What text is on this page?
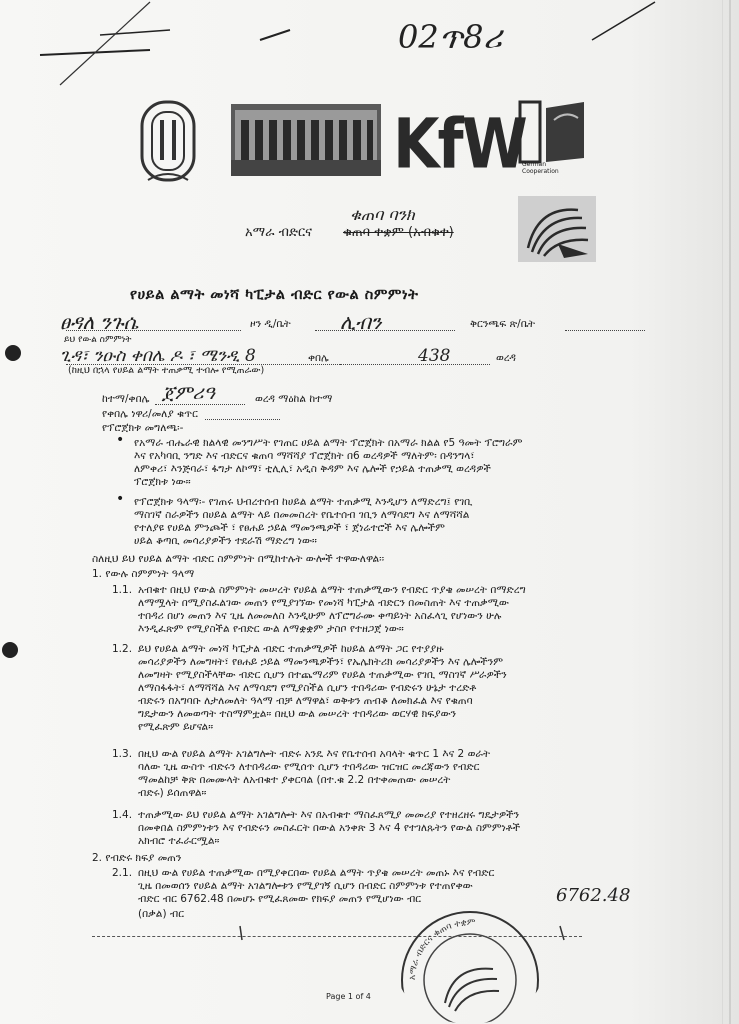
02ጥ8ሪ
KfW
German
Cooperation
አማራ ብድርና
ቁጠባ ባንክ
ቁጠባ ተቋም (አብቁተ)
የሀይል ልማት መነሻ ካፒታል ብድር የውል ስምምነት
ፀዳለ ንጉሴ	ዞን ዲ/ቤት ሊብን	ቅርንጫፍ ጽ/ቤት
ይህ የውል ስምምነት
ጊዳ፣ ንዑስ ቀበሌ ዶ ፣ ሜንዲ 8	ቀበሌ	438	ወረዳ
(ከዚህ በኋላ የሀይል ልማት ተጠቃሚ ተብሎ የሚጠራው)
ከተማ/ቀበሌ ጀምሪዓ	ወረዳ ማዕከል ከተማ
የቀበሌ ነዋሪ/መለያ ቁጥር
የፕሮጀክቱ መግለጫ፡-
• የአማራ ብሔራዊ ክልላዊ መንግሥት የገጠር ሀይል ልማት ፕሮጀክት በአማራ ክልል የ5 ዓመት ፕሮግራም
እና የአካባቢ ንግድ እና ብድርና ቁጠባ ማሻሻያ ፕሮጀክት በ6 ወረዳዎች ማለትም፡ በዳንግላ፣
ለምቀሪ፣ እንጅባራ፣ ፋግታ ለኮማ፣ ቲሊሊ፣ አዲስ ቅዳም እና ሌሎች የኃይል ተጠቃሚ ወረዳዎች
ፕሮጀክቱ ነው።
• የፕሮጀክቱ ዓላማ፡- የገጠሩ ህብረተሰብ ከሀይል ልማት ተጠቃሚ እንዲሆን ለማድረግ፤ የገቢ
ማስገኛ ስራዎችን በሀይል ልማት ላይ በመመስረት የቤተሰብ ገቢን ለማሳደግ እና ለማሻሻል
የተለያዩ የሀይል ምንጮች ፣ የፀሐይ ኃይል ማመንጫዎች ፣ ጀነሬተሮች እና ሌሎችም
ሀይል ቆጣቢ መሳሪያዎችን ተደራሽ ማድረግ ነው።
ስለዚህ ይህ የሀይል ልማት ብድር ስምምነት በሚከተሉት ውሎች ተዋውለዋል፡፡
1. የውሉ ስምምነት ዓላማ
1.1. አብቁተ በዚህ የውል ስምምነት መሠረት የሀይል ልማት ተጠቃሚውን የብድር ጥያቄ መሠረት በማድረግ
ለማሟላት በሚያስፈልገው መጠን የሚያገኘው የመነሻ ካፒታል ብድርን በመስጠት እና ተጠቃሚው
ተበዳሪ በሆነ መጠን እና ጊዜ ለመመለስ እንዲሁም ለፕሮግራሙ ቀጣይነት አስፈላጊ የሆነውን ሁሉ
እንዲፈጽም የሚያስችል የብድር ውል ለማቋቋም ታስቦ የተዘጋጀ ነው።
1.2. ይህ የሀይል ልማት መነሻ ካፒታል ብድር ተጠቃሚዎች ከሀይል ልማት ጋር የተያያዙ
መሳሪያዎችን ለመግዛት፣ የፀሐይ ኃይል ማመንጫዎችን፣ የኤሌክትሪክ መሳሪያዎችን እና ሌሎችንም
ለመግዛት የሚያስችላቸው ብድር ሲሆን በተጨማሪም የሀይል ተጠቃሚው የገቢ ማስገኛ ሥራዎችን
ለማስፋፋት፣ ለማሻሻል እና ለማሳደግ የሚያስችል ሲሆን ተበዳሪው የብድሩን ሁኔታ ተረድቶ
ብድሩን በአግባቡ ለታለመለት ዓላማ ብቻ ለማዋል፣ ወቅቱን ጠብቆ ለመክፈል እና የቁጠባ
ግዴታውን ለመወጣት ተስማምቷል። በዚህ ውል መሠረት ተበዳሪው ወርሃዊ ክፍያውን
የሚፈጽም ይሆናል።
1.3. በዚህ ውል የሀይል ልማት አገልግሎት ብድሩ አንዴ እና የቤተሰብ አባላት ቁጥር 1 እና 2 ወራት
ባለው ጊዜ ውስጥ ብድሩን ለተበዳሪው የሚሰጥ ሲሆን ተበዳሪው ዝርዝር መረጃውን የብድር
ማመልከቻ ቅጽ በመሙላት ለአብቁተ ያቀርባል (በተ.ቁ 2.2 በተቀመጠው መሠረት
ብድሩ) ይሰጠዋል።
1.4. ተጠቃሚው ይህ የሀይል ልማት አገልግሎት እና በአብቁተ ማስፈጸሚያ መመሪያ የተዘረዘሩ ግዴታዎችን
በመቀበል ስምምነቱን እና የብድሩን መስፈርት በውል አንቀጽ 3 እና 4 የተገለጹትን የውል ስምምነቶች
አክብሮ ተፈራርሟል።
2. የብድሩ ክፍያ መጠን
2.1. በዚህ ውል የሀይል ተጠቃሚው በሚያቀርበው የሀይል ልማት ጥያቄ መሠረት መጠኑ እና የብድር
ጊዜ በመወሰን የሀይል ልማት አገልግሎቱን የሚያገኝ ሲሆን በብድር ስምምነቱ የተጠየቀው
ብድር ብር 6762.48 በመሆኑ የሚፈጸመው የክፍያ መጠን የሚሆነው ብር
(በቃል) ብር
6762.48
Page 1 of 4
አማራ ብድርና ቁጠባ ተቋም
